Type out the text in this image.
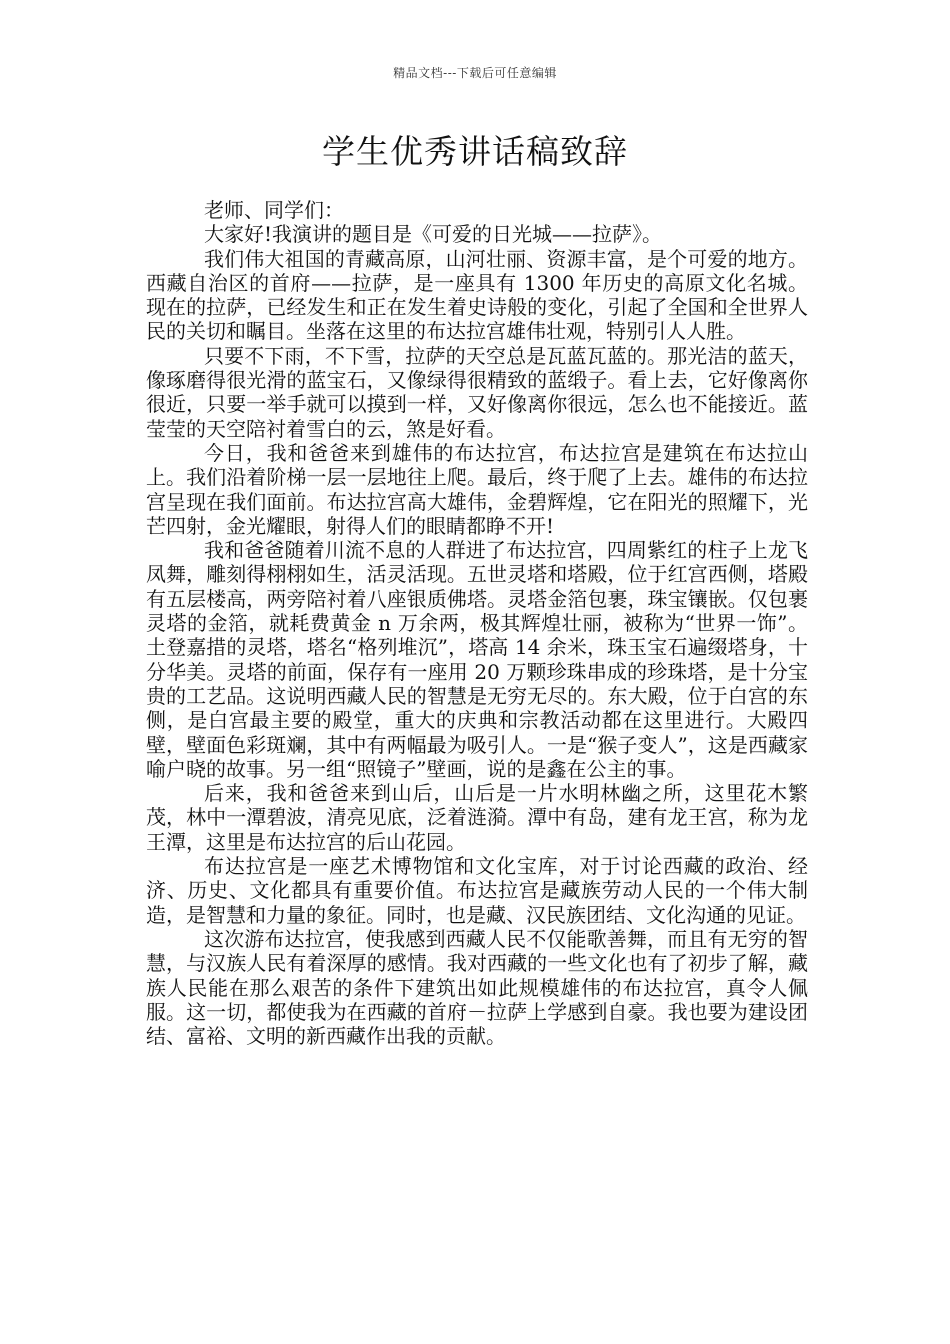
精品文档---下载后可任意编辑
学生优秀讲话稿致辞

老师、同学们：

大家好!我演讲的题目是《可爱的日光城——拉萨》。

我们伟大祖国的青藏高原，山河壮丽、资源丰富，是个可爱的地方。西藏自治区的首府——拉萨，是一座具有 1300 年历史的高原文化名城。现在的拉萨，已经发生和正在发生着史诗般的变化，引起了全国和全世界人民的关切和瞩目。坐落在这里的布达拉宫雄伟壮观，特别引人人胜。

只要不下雨，不下雪，拉萨的天空总是瓦蓝瓦蓝的。那光洁的蓝天，像琢磨得很光滑的蓝宝石，又像绿得很精致的蓝缎子。看上去，它好像离你很近，只要一举手就可以摸到一样，又好像离你很远，怎么也不能接近。蓝莹莹的天空陪衬着雪白的云，煞是好看。

今日，我和爸爸来到雄伟的布达拉宫，布达拉宫是建筑在布达拉山上。我们沿着阶梯一层一层地往上爬。最后，终于爬了上去。雄伟的布达拉宫呈现在我们面前。布达拉宫高大雄伟，金碧辉煌，它在阳光的照耀下，光芒四射，金光耀眼，射得人们的眼睛都睁不开!

我和爸爸随着川流不息的人群进了布达拉宫，四周紫红的柱子上龙飞凤舞，雕刻得栩栩如生，活灵活现。五世灵塔和塔殿，位于红宫西侧，塔殿有五层楼高，两旁陪衬着八座银质佛塔。灵塔金箔包裹，珠宝镶嵌。仅包裹灵塔的金箔，就耗费黄金 n 万余两，极其辉煌壮丽，被称为“世界一饰”。土登嘉措的灵塔，塔名“格列堆沉”，塔高 14 余米，珠玉宝石遍缀塔身，十分华美。灵塔的前面，保存有一座用 20 万颗珍珠串成的珍珠塔，是十分宝贵的工艺品。这说明西藏人民的智慧是无穷无尽的。东大殿，位于白宫的东侧，是白宫最主要的殿堂，重大的庆典和宗教活动都在这里进行。大殿四壁，壁面色彩斑斓，其中有两幅最为吸引人。一是“猴子变人”，这是西藏家喻户晓的故事。另一组“照镜子”壁画，说的是鑫在公主的事。

后来，我和爸爸来到山后，山后是一片水明林幽之所，这里花木繁茂，林中一潭碧波，清亮见底，泛着涟漪。潭中有岛，建有龙王宫，称为龙王潭，这里是布达拉宫的后山花园。

布达拉宫是一座艺术博物馆和文化宝库，对于讨论西藏的政治、经济、历史、文化都具有重要价值。布达拉宫是藏族劳动人民的一个伟大制造，是智慧和力量的象征。同时，也是藏、汉民族团结、文化沟通的见证。

这次游布达拉宫，使我感到西藏人民不仅能歌善舞，而且有无穷的智慧，与汉族人民有着深厚的感情。我对西藏的一些文化也有了初步了解，藏族人民能在那么艰苦的条件下建筑出如此规模雄伟的布达拉宫，真令人佩服。这一切，都使我为在西藏的首府－拉萨上学感到自豪。我也要为建设团结、富裕、文明的新西藏作出我的贡献。
